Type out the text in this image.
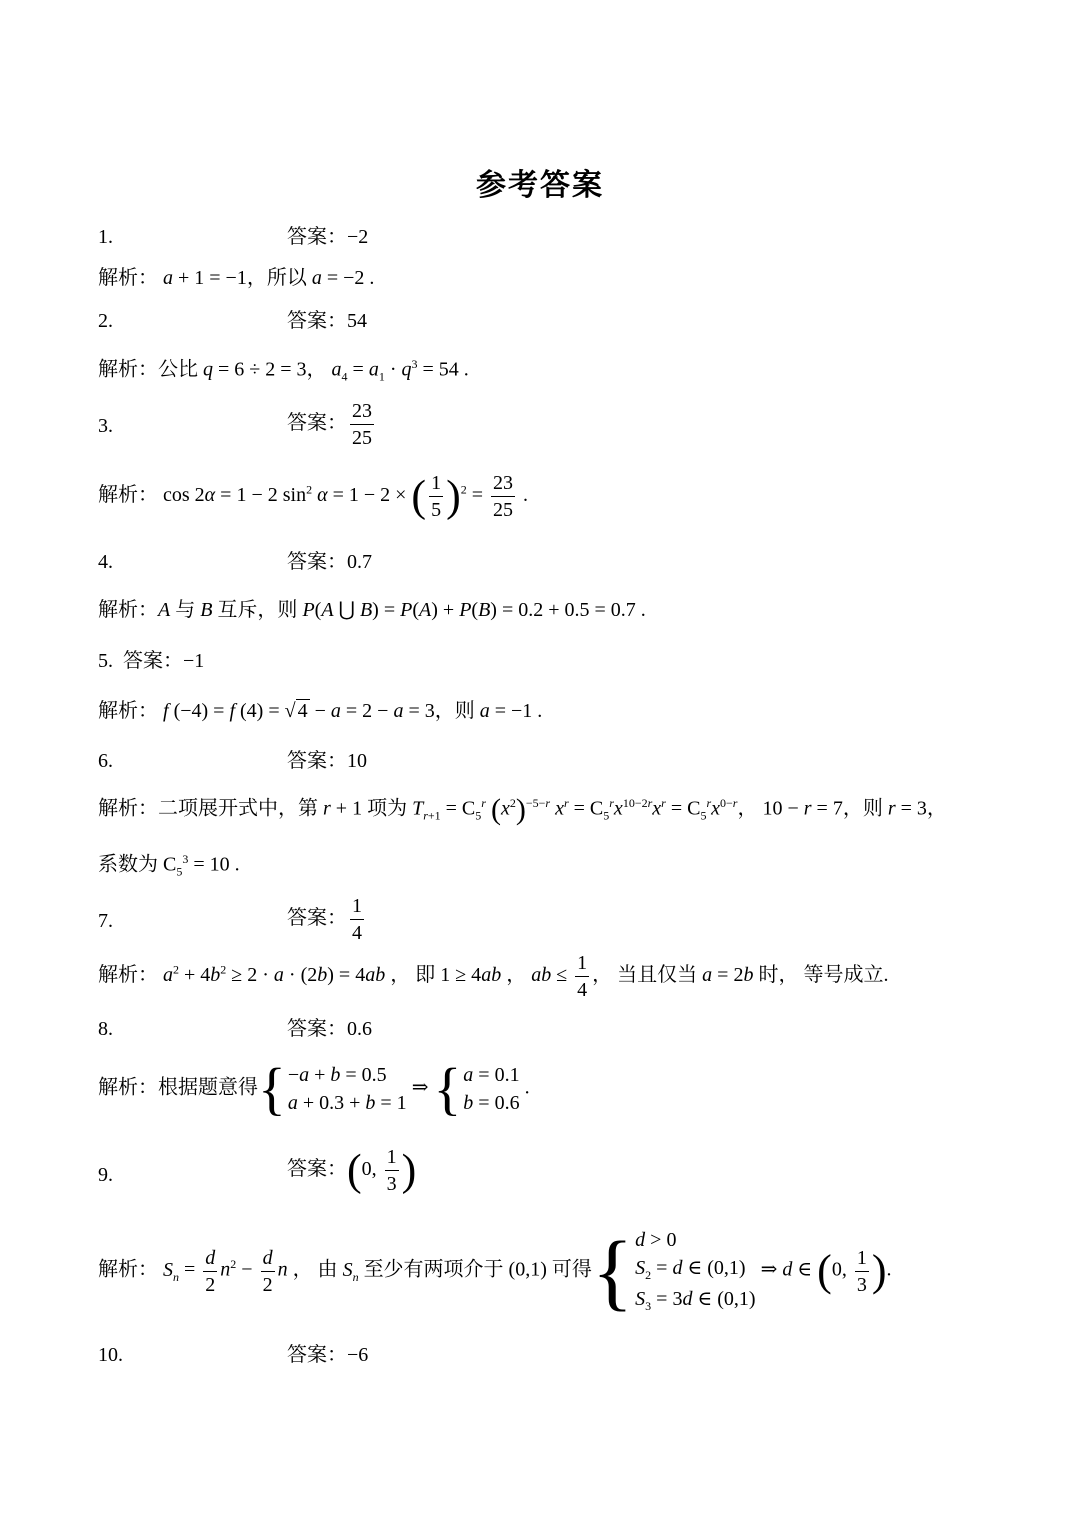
参考答案
1.	答案：−2
解析： a + 1 = −1，所以 a = −2 .
2.	答案：54
解析：公比 q = 6 ÷ 2 = 3， $a_4 = a_1 \cdot q^3 = 54$ .
3.	答案： $\frac{23}{25}$
解析： cos 2α = 1 − 2 $\sin^2 \alpha = 1 - 2$ × ( $\frac{1}{5} )^2 = \frac{23}{25}$ .
4.	答案：0.7
解析：A 与 B 互斥，则 P(A ⋃ B) = P(A) + P(B) = 0.2 + 0.5 = 0.7 .
5. 答案：−1
解析： f (−4) = f (4) = √ 4 − a = 2 − a = 3，则 a = −1 .
6.	答案：10
解析：二项展开式中，第 r + 1 项为 $T_{r+1} = C_5^r$ $(x^2)^{-5-r}$ $x^r = C_5^rx^{10-2r}x^r = C_5^rx^{0-r}$， 10 − r = 7，则 r = 3，
系数为 $C_5^3 = 10$ .
7.	答案： $\frac{1}{4}$
解析： $a^2 + 4b^2 \ge 2 \cdot a \cdot (2b) = 4ab$ ， 即 1 ≥ 4ab ， ab ≤ $\frac{1}{4}$ ， 当且仅当 a = 2b 时， 等号成立.
8.	答案：0.6
解析：根据题意得 { −a + b = 0.5
a + 0.3 + b = 1
⇒ { a = 0.1
b = 0.6
.
9.	答案：(0, $\frac{1}{3}$ )
解析： $S_n = \frac{d}{2} n^2 - \frac{d}{2}$ n ， 由 $S_n$ 至少有两项介于 (0,1) 可得 { d > 0
$S_2 = d$ ∈ (0,1)
$S_3 = 3d$ ∈ (0,1)
⇒ d ∈ (0, $\frac{1}{3}$ ).
10.	答案：−6
